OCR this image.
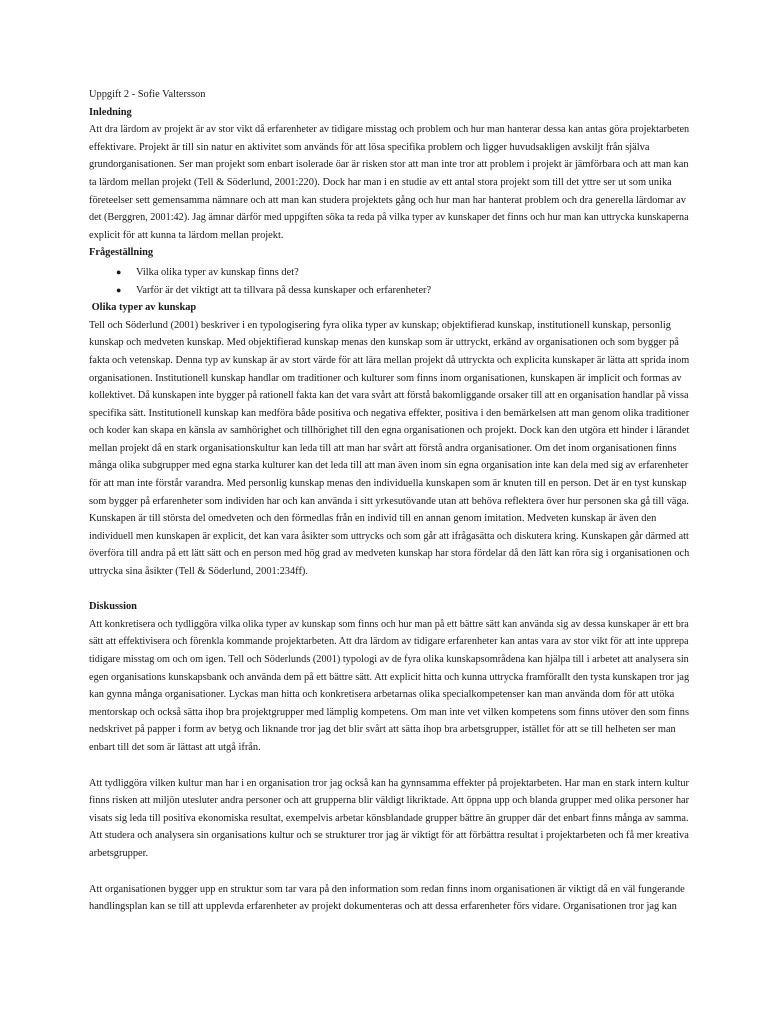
Uppgift 2 - Sofie Valtersson
Inledning
Att dra lärdom av projekt är av stor vikt då erfarenheter av tidigare misstag och problem och hur man hanterar dessa kan antas göra projektarbeten
effektivare. Projekt är till sin natur en aktivitet som används för att lösa specifika problem och ligger huvudsakligen avskiljt från själva
grundorganisationen. Ser man projekt som enbart isolerade öar är risken stor att man inte tror att problem i projekt är jämförbara och att man kan
ta lärdom mellan projekt (Tell & Söderlund, 2001:220). Dock har man i en studie av ett antal stora projekt som till det yttre ser ut som unika
företeelser sett gemensamma nämnare och att man kan studera projektets gång och hur man har hanterat problem och dra generella lärdomar av
det (Berggren, 2001:42). Jag ämnar därför med uppgiften söka ta reda på vilka typer av kunskaper det finns och hur man kan uttrycka kunskaperna
explicit för att kunna ta lärdom mellan projekt.
Frågeställning
● Vilka olika typer av kunskap finns det?
● Varför är det viktigt att ta tillvara på dessa kunskaper och erfarenheter?
Olika typer av kunskap
Tell och Söderlund (2001) beskriver i en typologisering fyra olika typer av kunskap; objektifierad kunskap, institutionell kunskap, personlig
kunskap och medveten kunskap. Med objektifierad kunskap menas den kunskap som är uttryckt, erkänd av organisationen och som bygger på
fakta och vetenskap. Denna typ av kunskap är av stort värde för att lära mellan projekt då uttryckta och explicita kunskaper är lätta att sprida inom
organisationen. Institutionell kunskap handlar om traditioner och kulturer som finns inom organisationen, kunskapen är implicit och formas av
kollektivet. Då kunskapen inte bygger på rationell fakta kan det vara svårt att förstå bakomliggande orsaker till att en organisation handlar på vissa
specifika sätt. Institutionell kunskap kan medföra både positiva och negativa effekter, positiva i den bemärkelsen att man genom olika traditioner
och koder kan skapa en känsla av samhörighet och tillhörighet till den egna organisationen och projekt. Dock kan den utgöra ett hinder i lärandet
mellan projekt då en stark organisationskultur kan leda till att man har svårt att förstå andra organisationer. Om det inom organisationen finns
många olika subgrupper med egna starka kulturer kan det leda till att man även inom sin egna organisation inte kan dela med sig av erfarenheter
för att man inte förstår varandra. Med personlig kunskap menas den individuella kunskapen som är knuten till en person. Det är en tyst kunskap
som bygger på erfarenheter som individen har och kan använda i sitt yrkesutövande utan att behöva reflektera över hur personen ska gå till väga.
Kunskapen är till största del omedveten och den förmedlas från en individ till en annan genom imitation. Medveten kunskap är även den
individuell men kunskapen är explicit, det kan vara åsikter som uttrycks och som går att ifrågasätta och diskutera kring. Kunskapen går därmed att
överföra till andra på ett lätt sätt och en person med hög grad av medveten kunskap har stora fördelar då den lätt kan röra sig i organisationen och
uttrycka sina åsikter (Tell & Söderlund, 2001:234ff).
Diskussion
Att konkretisera och tydliggöra vilka olika typer av kunskap som finns och hur man på ett bättre sätt kan använda sig av dessa kunskaper är ett bra
sätt att effektivisera och förenkla kommande projektarbeten. Att dra lärdom av tidigare erfarenheter kan antas vara av stor vikt för att inte upprepa
tidigare misstag om och om igen. Tell och Söderlunds (2001) typologi av de fyra olika kunskapsområdena kan hjälpa till i arbetet att analysera sin
egen organisations kunskapsbank och använda dem på ett bättre sätt. Att explicit hitta och kunna uttrycka framförallt den tysta kunskapen tror jag
kan gynna många organisationer. Lyckas man hitta och konkretisera arbetarnas olika specialkompetenser kan man använda dom för att utöka
mentorskap och också sätta ihop bra projektgrupper med lämplig kompetens. Om man inte vet vilken kompetens som finns utöver den som finns
nedskrivet på papper i form av betyg och liknande tror jag det blir svårt att sätta ihop bra arbetsgrupper, istället för att se till helheten ser man
enbart till det som är lättast att utgå ifrån.
Att tydliggöra vilken kultur man har i en organisation tror jag också kan ha gynnsamma effekter på projektarbeten. Har man en stark intern kultur
finns risken att miljön utesluter andra personer och att grupperna blir väldigt likriktade. Att öppna upp och blanda grupper med olika personer har
visats sig leda till positiva ekonomiska resultat, exempelvis arbetar könsblandade grupper bättre än grupper där det enbart finns många av samma.
Att studera och analysera sin organisations kultur och se strukturer tror jag är viktigt för att förbättra resultat i projektarbeten och få mer kreativa
arbetsgrupper.
Att organisationen bygger upp en struktur som tar vara på den information som redan finns inom organisationen är viktigt då en väl fungerande
handlingsplan kan se till att upplevda erfarenheter av projekt dokumenteras och att dessa erfarenheter förs vidare. Organisationen tror jag kan
